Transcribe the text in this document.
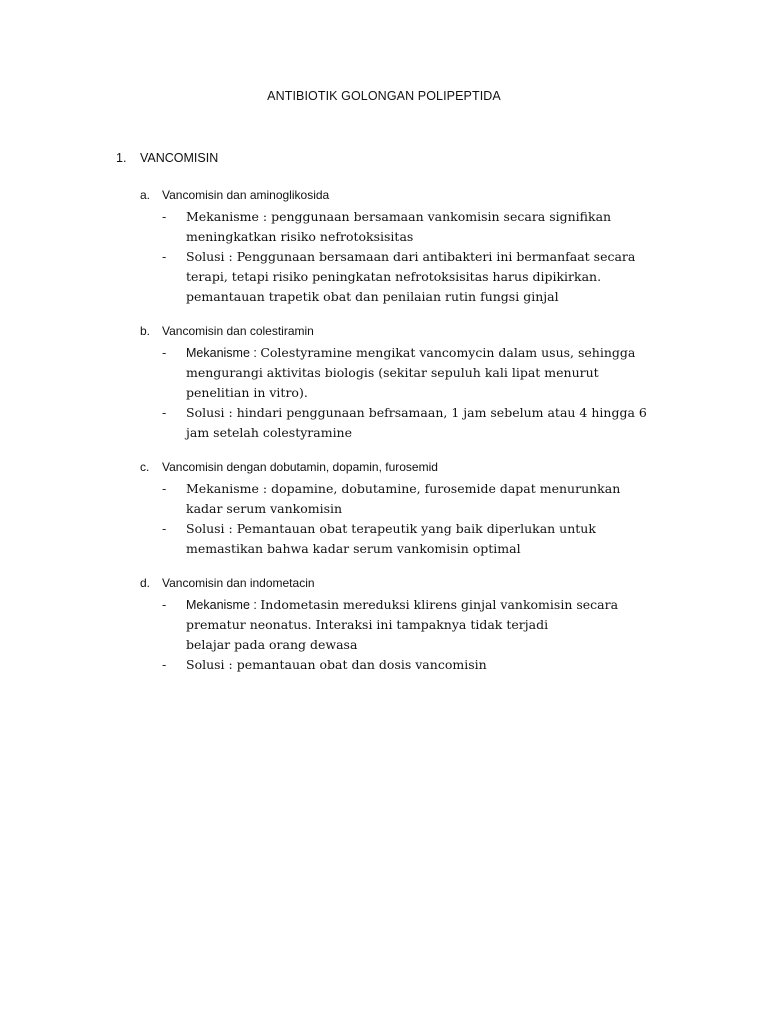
ANTIBIOTIK GOLONGAN POLIPEPTIDA
1. VANCOMISIN
a. Vancomisin dan aminoglikosida
- Mekanisme : penggunaan bersamaan vankomisin secara signifikan
meningkatkan risiko nefrotoksisitas
- Solusi : Penggunaan bersamaan dari antibakteri ini bermanfaat secara
terapi, tetapi risiko peningkatan nefrotoksisitas harus dipikirkan.
pemantauan trapetik obat dan penilaian rutin fungsi ginjal
b. Vancomisin dan colestiramin
- Mekanisme : Colestyramine mengikat vancomycin dalam usus, sehingga
mengurangi aktivitas biologis (sekitar sepuluh kali lipat menurut
penelitian in vitro).
- Solusi : hindari penggunaan befrsamaan, 1 jam sebelum atau 4 hingga 6
jam setelah colestyramine
c. Vancomisin dengan dobutamin, dopamin, furosemid
- Mekanisme : dopamine, dobutamine, furosemide dapat menurunkan
kadar serum vankomisin
- Solusi : Pemantauan obat terapeutik yang baik diperlukan untuk
memastikan bahwa kadar serum vankomisin optimal
d. Vancomisin dan indometacin
- Mekanisme : Indometasin mereduksi klirens ginjal vankomisin secara
prematur neonatus. Interaksi ini tampaknya tidak terjadi
belajar pada orang dewasa
- Solusi : pemantauan obat dan dosis vancomisin
